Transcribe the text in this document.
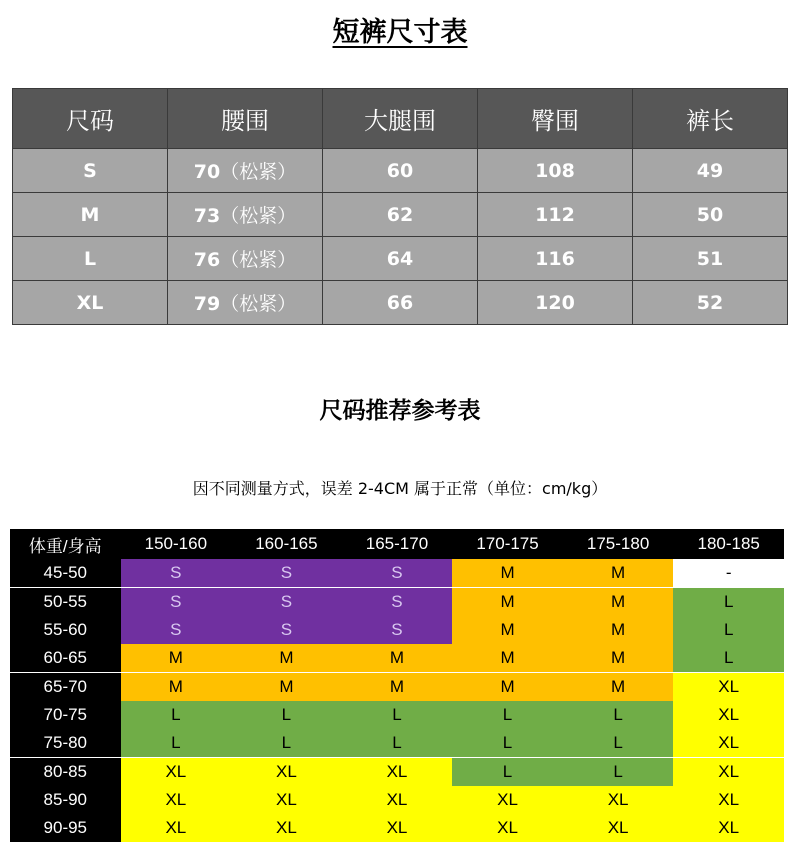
短裤尺寸表
尺码	腰围	大腿围	臀围	裤长
S	70（松紧）	60	108	49
M	73（松紧）	62	112	50
L	76（松紧）	64	116	51
XL	79（松紧）	66	120	52
尺码推荐参考表
因不同测量方式，误差 2-4CM 属于正常（单位：cm/kg）
体重/身高	150-160	160-165	165-170	170-175	175-180	180-185
45-50	S	S	S	M	M	-
50-55	S	S	S	M	M	L
55-60	S	S	S	M	M	L
60-65	M	M	M	M	M	L
65-70	M	M	M	M	M	XL
70-75	L	L	L	L	L	XL
75-80	L	L	L	L	L	XL
80-85	XL	XL	XL	L	L	XL
85-90	XL	XL	XL	XL	XL	XL
90-95	XL	XL	XL	XL	XL	XL
